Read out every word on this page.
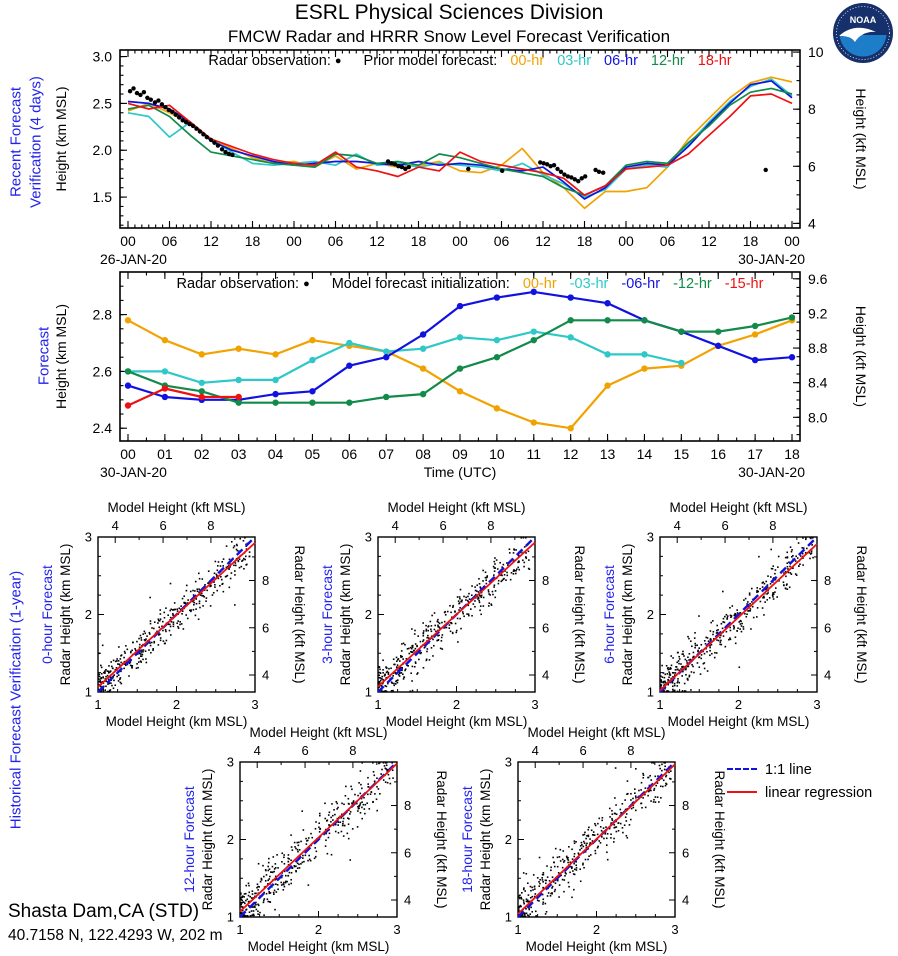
ESRL Physical Sciences Division
FMCW Radar and HRRR Snow Level Forecast Verification
NOAA
Recent Forecast Verification (4 days)
Forecast
Historical Forecast Verification (1-year)
00 06 12 18 00 06 12 18 00 06 12 18 00 06 12 18 00
1.5
2.0
2.5
3.0
4
6
8
10
Height (km MSL)	Height (kft MSL)
26-JAN-20	30-JAN-20
00 01 02 03 04 05 06 07 08 09 10 11 12 13 14 15 16 17 18
2.4
2.6
2.8
8.0
8.4
8.8
9.2
9.6
Height (km MSL)	Height (kft MSL)
30-JAN-20	30-JAN-20
Time (UTC)
1
1
2
2
3
3
4
4
6
6
8
8
Model Height (kft MSL)
Model Height (km MSL)
Radar Height (km MSL)	Radar Height (kft MSL)
0-hour Forecast
1
1
2
2
3
3
4
4
6
6
8
8
Model Height (kft MSL)
Model Height (km MSL)
Radar Height (km MSL)	Radar Height (kft MSL)
3-hour Forecast
1
1
2
2
3
3
4
4
6
6
8
8
Model Height (kft MSL)
Model Height (km MSL)
Radar Height (km MSL)	Radar Height (kft MSL)
6-hour Forecast
1
1
2
2
3
3
4
4
6
6
8
8
Model Height (kft MSL)
Model Height (km MSL)
Radar Height (km MSL)	Radar Height (kft MSL)
12-hour Forecast
1
1
2
2
3
3
4
4
6
6
8
8
Model Height (kft MSL)
Model Height (km MSL)
Radar Height (km MSL)	Radar Height (kft MSL)
18-hour Forecast
Radar observation: ● Prior model forecast: 00-hr 03-hr 06-hr 12-hr 18-hr
Radar observation: ● Model forecast initialization: 00-hr -03-hr -06-hr -12-hr -15-hr
1:1 line
linear regression
Shasta Dam,CA (STD)
40.7158 N, 122.4293 W, 202 m
